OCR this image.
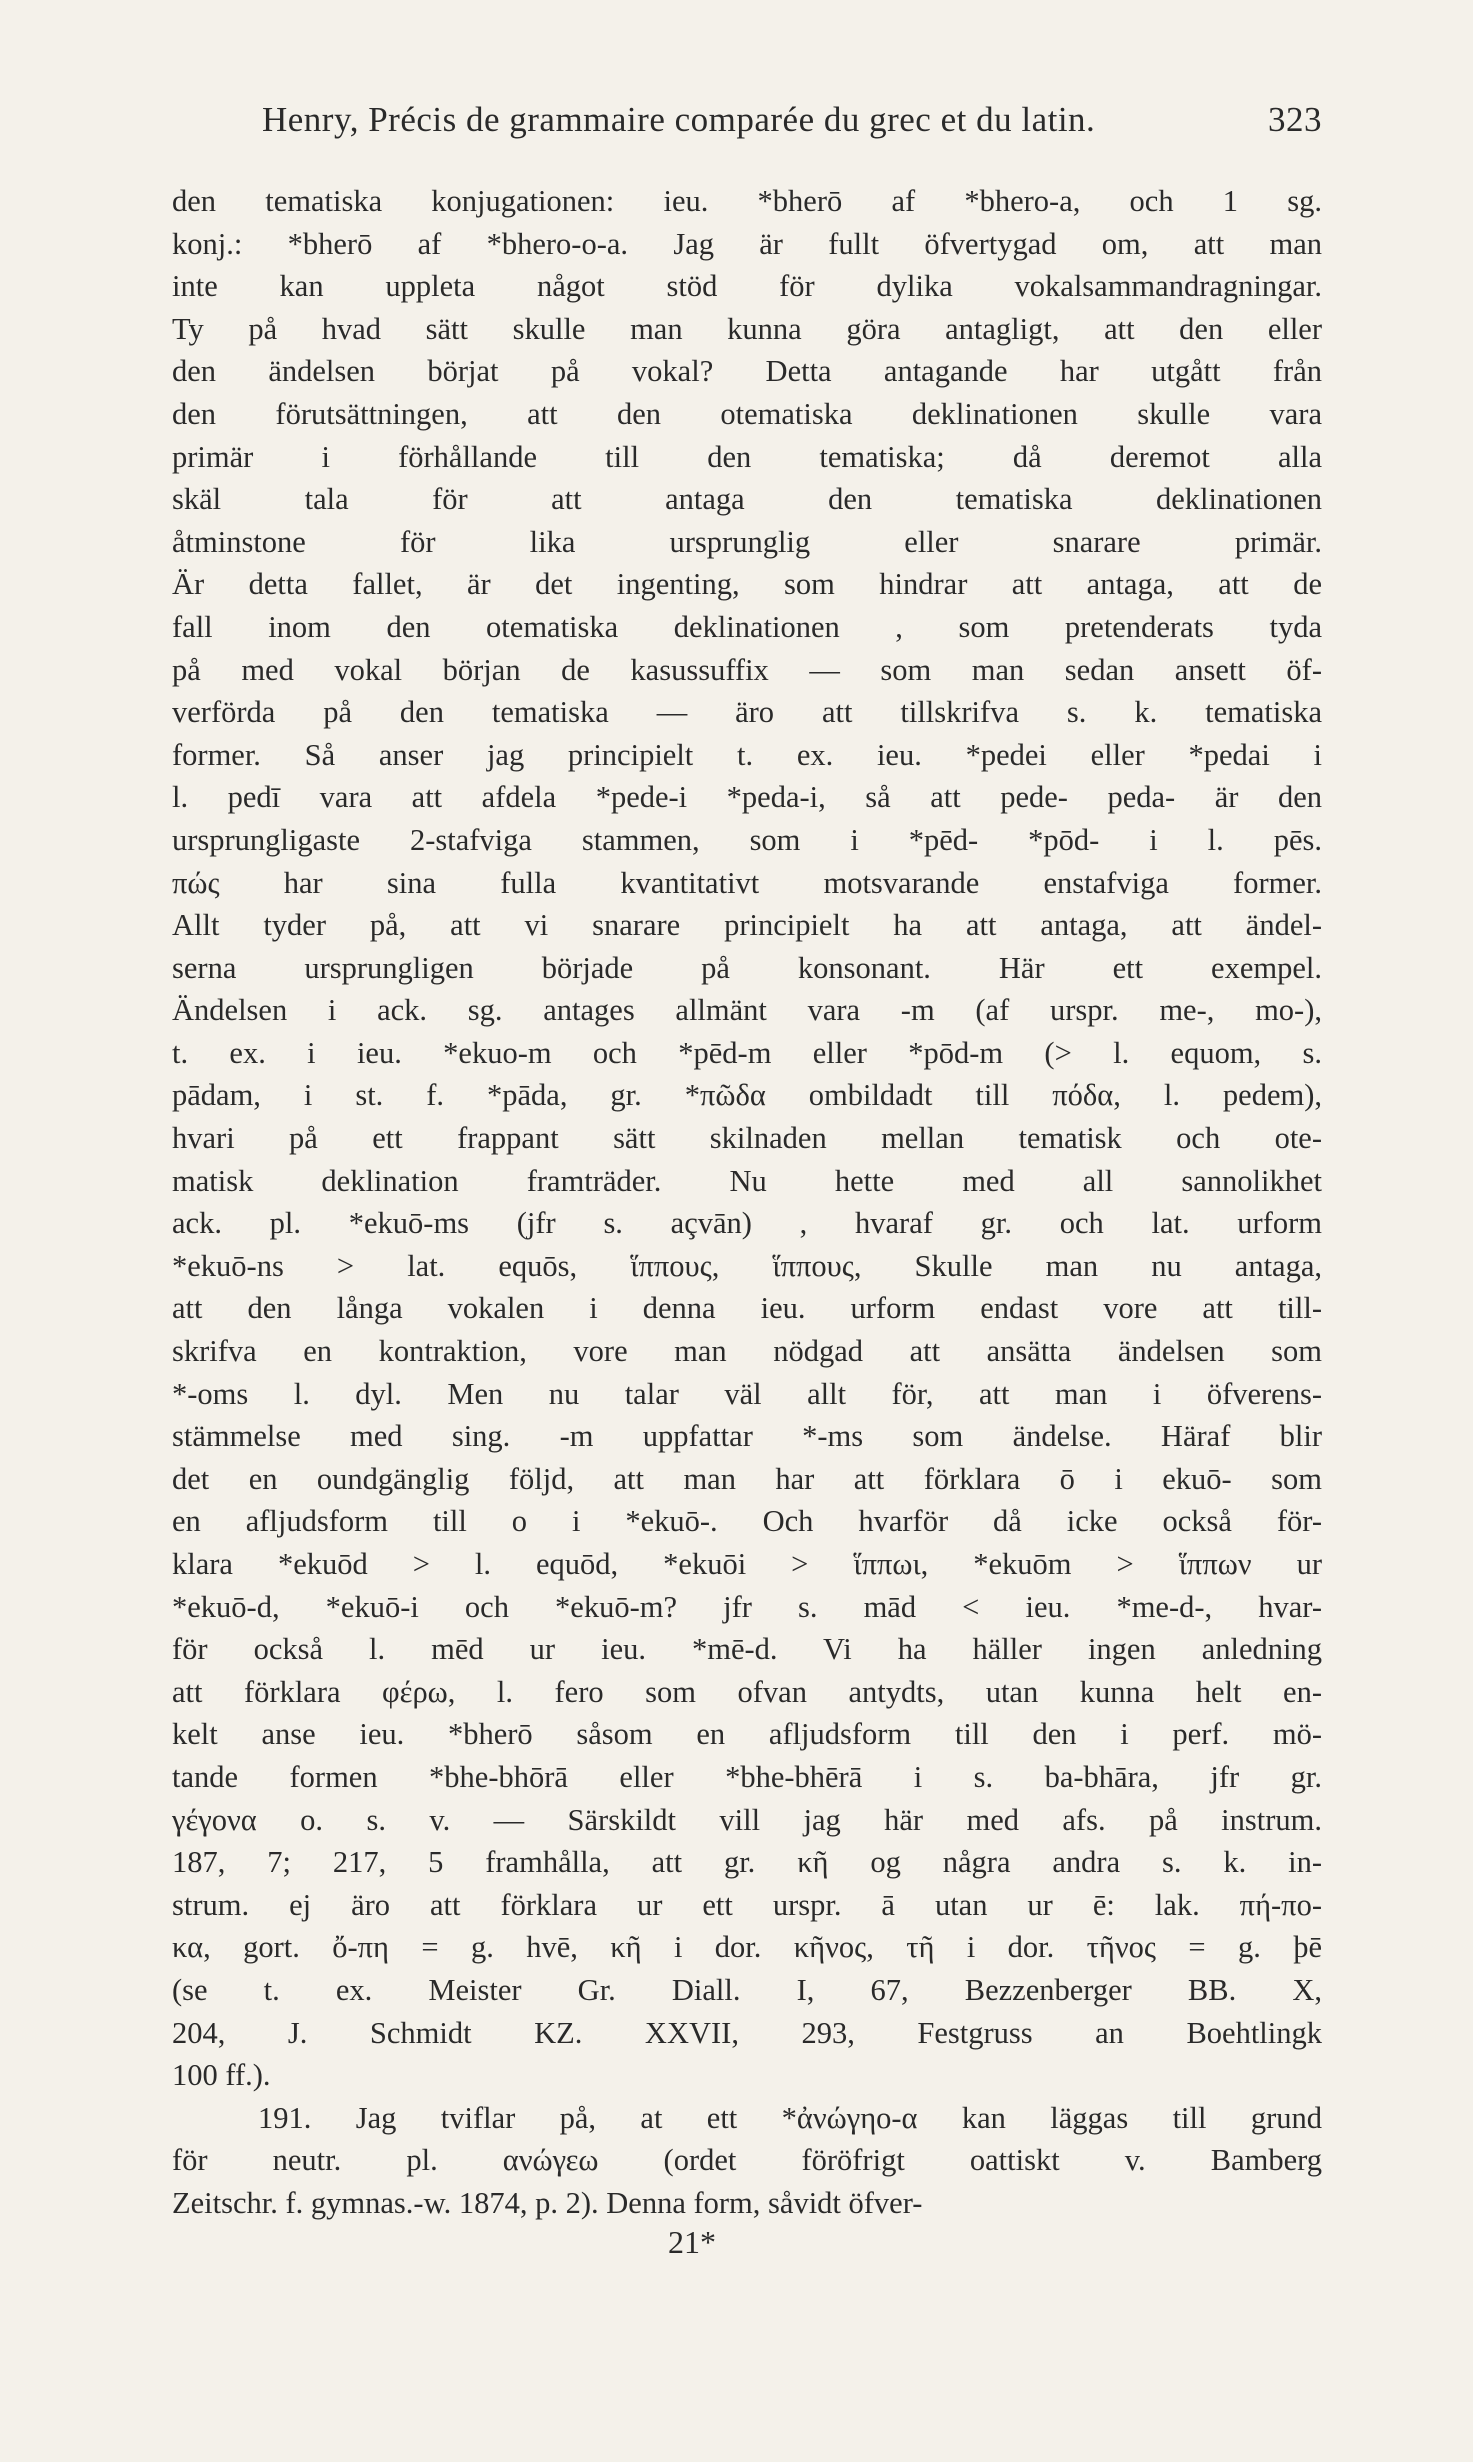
Henry, Précis de grammaire comparée du grec et du latin.	323
den tematiska konjugationen: ieu. *bherō af *bhero-a, och 1 sg.
konj.: *bherō af *bhero-o-a. Jag är fullt öfvertygad om, att man
inte kan uppleta något stöd för dylika vokalsammandragningar.
Ty på hvad sätt skulle man kunna göra antagligt, att den eller
den ändelsen börjat på vokal? Detta antagande har utgått från
den förutsättningen, att den otematiska deklinationen skulle vara
primär i förhållande till den tematiska; då deremot alla
skäl tala för att antaga den tematiska deklinationen
åtminstone för lika ursprunglig eller snarare primär.
Är detta fallet, är det ingenting, som hindrar att antaga, att de
fall inom den otematiska deklinationen , som pretenderats tyda
på med vokal början de kasussuffix — som man sedan ansett öf-
verförda på den tematiska — äro att tillskrifva s. k. tematiska
former. Så anser jag principielt t. ex. ieu. *pedei eller *pedai i
l. pedī vara att afdela *pede-i *peda-i, så att pede- peda- är den
ursprungligaste 2-stafviga stammen, som i *pēd- *pōd- i l. pēs.
πώς har sina fulla kvantitativt motsvarande enstafviga former.
Allt tyder på, att vi snarare principielt ha att antaga, att ändel-
serna ursprungligen började på konsonant. Här ett exempel.
Ändelsen i ack. sg. antages allmänt vara -m (af urspr. me-, mo-),
t. ex. i ieu. *ekuo-m och *pēd-m eller *pōd-m (> l. equom, s.
pādam, i st. f. *pāda, gr. *πῶδα ombildadt till πόδα, l. pedem),
hvari på ett frappant sätt skilnaden mellan tematisk och ote-
matisk deklination framträder. Nu hette med all sannolikhet
ack. pl. *ekuō-ms (jfr s. açvān) , hvaraf gr. och lat. urform
*ekuō-ns > lat. equōs, ἵππους, ἵππους, Skulle man nu antaga,
att den långa vokalen i denna ieu. urform endast vore att till-
skrifva en kontraktion, vore man nödgad att ansätta ändelsen som
*-oms l. dyl. Men nu talar väl allt för, att man i öfverens-
stämmelse med sing. -m uppfattar *-ms som ändelse. Häraf blir
det en oundgänglig följd, att man har att förklara ō i ekuō- som
en afljudsform till o i *ekuō-. Och hvarför då icke också för-
klara *ekuōd > l. equōd, *ekuōi > ἵππωι, *ekuōm > ἵππων ur
*ekuō-d, *ekuō-i och *ekuō-m? jfr s. mād < ieu. *me-d-, hvar-
för också l. mēd ur ieu. *mē-d. Vi ha häller ingen anledning
att förklara φέρω, l. fero som ofvan antydts, utan kunna helt en-
kelt anse ieu. *bherō såsom en afljudsform till den i perf. mö-
tande formen *bhe-bhōrā eller *bhe-bhērā i s. ba-bhāra, jfr gr.
γέγονα o. s. v. — Särskildt vill jag här med afs. på instrum.
187, 7; 217, 5 framhålla, att gr. κῆ og några andra s. k. in-
strum. ej äro att förklara ur ett urspr. ā utan ur ē: lak. πή-πο-
κα, gort. ὄ-πη = g. hvē, κῆ i dor. κῆνος, τῆ i dor. τῆνος = g. þē
(se t. ex. Meister Gr. Diall. I, 67, Bezzenberger BB. X,
204, J. Schmidt KZ. XXVII, 293, Festgruss an Boehtlingk
100 ff.).
191. Jag tviflar på, at ett *ἀνώγηο-α kan läggas till grund
för neutr. pl. ανώγεω (ordet föröfrigt oattiskt v. Bamberg
Zeitschr. f. gymnas.-w. 1874, p. 2). Denna form, såvidt öfver-
21*
